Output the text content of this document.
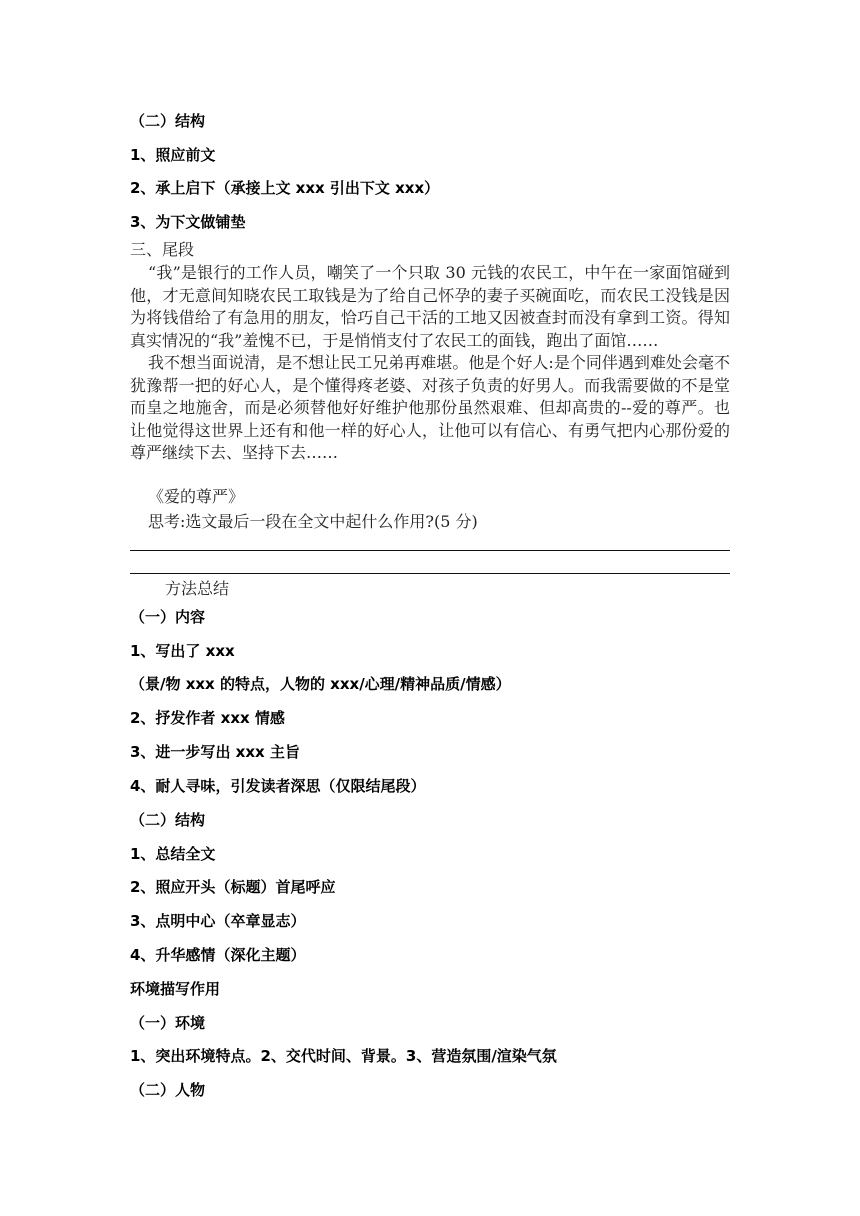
（二）结构
1、照应前文
2、承上启下（承接上文 xxx 引出下文 xxx）
3、为下文做铺垫
三、尾段

“我”是银行的工作人员，嘲笑了一个只取 30 元钱的农民工，中午在一家面馆碰到他，才无意间知晓农民工取钱是为了给自己怀孕的妻子买碗面吃，而农民工没钱是因为将钱借给了有急用的朋友，恰巧自己干活的工地又因被查封而没有拿到工资。得知真实情况的“我”羞愧不已，于是悄悄支付了农民工的面钱，跑出了面馆……

我不想当面说清，是不想让民工兄弟再难堪。他是个好人:是个同伴遇到难处会毫不犹豫帮一把的好心人，是个懂得疼老婆、对孩子负责的好男人。而我需要做的不是堂而皇之地施舍，而是必须替他好好维护他那份虽然艰难、但却高贵的--爱的尊严。也让他觉得这世界上还有和他一样的好心人，让他可以有信心、有勇气把内心那份爱的尊严继续下去、坚持下去……

《爱的尊严》
思考:选文最后一段在全文中起什么作用?(5 分)
方法总结
（一）内容
1、写出了 xxx
（景/物 xxx 的特点，人物的 xxx/心理/精神品质/情感）
2、抒发作者 xxx 情感
3、进一步写出 xxx 主旨
4、耐人寻味，引发读者深思（仅限结尾段）
（二）结构
1、总结全文
2、照应开头（标题）首尾呼应
3、点明中心（卒章显志）
4、升华感情（深化主题）
环境描写作用
（一）环境
1、突出环境特点。2、交代时间、背景。3、营造氛围/渲染气氛
（二）人物
